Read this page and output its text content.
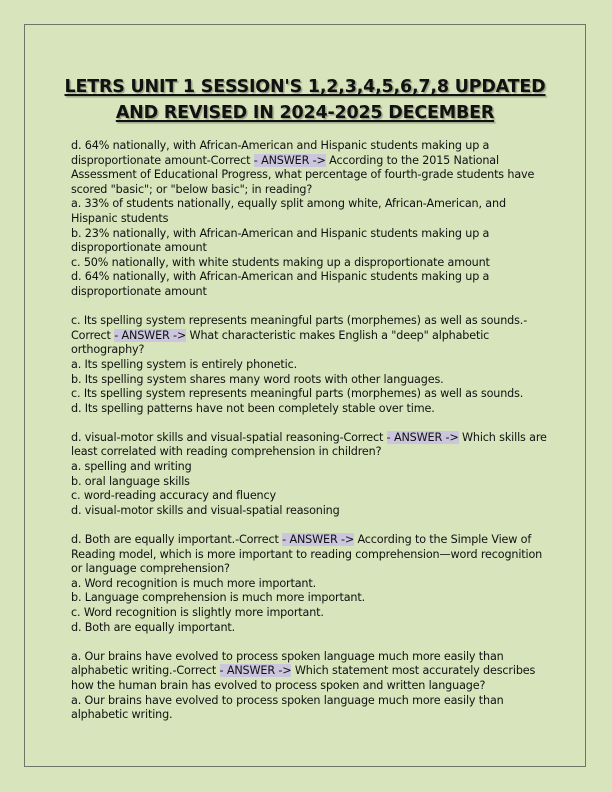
LETRS UNIT 1 SESSION'S 1,2,3,4,5,6,7,8 UPDATED
AND REVISED IN 2024-2025 DECEMBER

d. 64% nationally, with African-American and Hispanic students making up a disproportionate amount-Correct - ANSWER -> According to the 2015 National Assessment of Educational Progress, what percentage of fourth-grade students have scored "basic"; or "below basic"; in reading?

a. 33% of students nationally, equally split among white, African-American, and Hispanic students

b. 23% nationally, with African-American and Hispanic students making up a disproportionate amount

c. 50% nationally, with white students making up a disproportionate amount

d. 64% nationally, with African-American and Hispanic students making up a disproportionate amount

c. Its spelling system represents meaningful parts (morphemes) as well as sounds.-Correct - ANSWER -> What characteristic makes English a "deep" alphabetic orthography?

a. Its spelling system is entirely phonetic.

b. Its spelling system shares many word roots with other languages.

c. Its spelling system represents meaningful parts (morphemes) as well as sounds.

d. Its spelling patterns have not been completely stable over time.

d. visual-motor skills and visual-spatial reasoning-Correct - ANSWER -> Which skills are least correlated with reading comprehension in children?

a. spelling and writing

b. oral language skills

c. word-reading accuracy and fluency

d. visual-motor skills and visual-spatial reasoning

d. Both are equally important.-Correct - ANSWER -> According to the Simple View of Reading model, which is more important to reading comprehension—word recognition or language comprehension?

a. Word recognition is much more important.

b. Language comprehension is much more important.

c. Word recognition is slightly more important.

d. Both are equally important.

a. Our brains have evolved to process spoken language much more easily than alphabetic writing.-Correct - ANSWER -> Which statement most accurately describes how the human brain has evolved to process spoken and written language?

a. Our brains have evolved to process spoken language much more easily than alphabetic writing.
